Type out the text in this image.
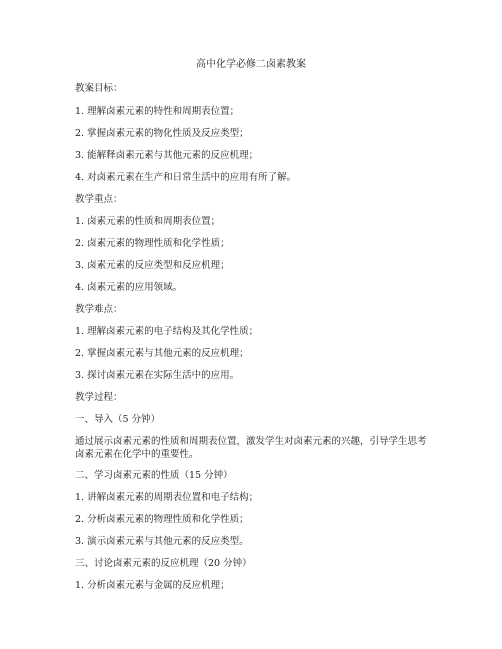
高中化学必修二卤素教案
教案目标：
1. 理解卤素元素的特性和周期表位置；
2. 掌握卤素元素的物化性质及反应类型；
3. 能解释卤素元素与其他元素的反应机理；
4. 对卤素元素在生产和日常生活中的应用有所了解。
教学重点：
1. 卤素元素的性质和周期表位置；
2. 卤素元素的物理性质和化学性质；
3. 卤素元素的反应类型和反应机理；
4. 卤素元素的应用领域。
教学难点：
1. 理解卤素元素的电子结构及其化学性质；
2. 掌握卤素元素与其他元素的反应机理；
3. 探讨卤素元素在实际生活中的应用。
教学过程：
一、导入（5 分钟）
通过展示卤素元素的性质和周期表位置，激发学生对卤素元素的兴趣，引导学生思考卤素元素在化学中的重要性。
二、学习卤素元素的性质（15 分钟）
1. 讲解卤素元素的周期表位置和电子结构；
2. 分析卤素元素的物理性质和化学性质；
3. 演示卤素元素与其他元素的反应类型。
三、讨论卤素元素的反应机理（20 分钟）
1. 分析卤素元素与金属的反应机理；
